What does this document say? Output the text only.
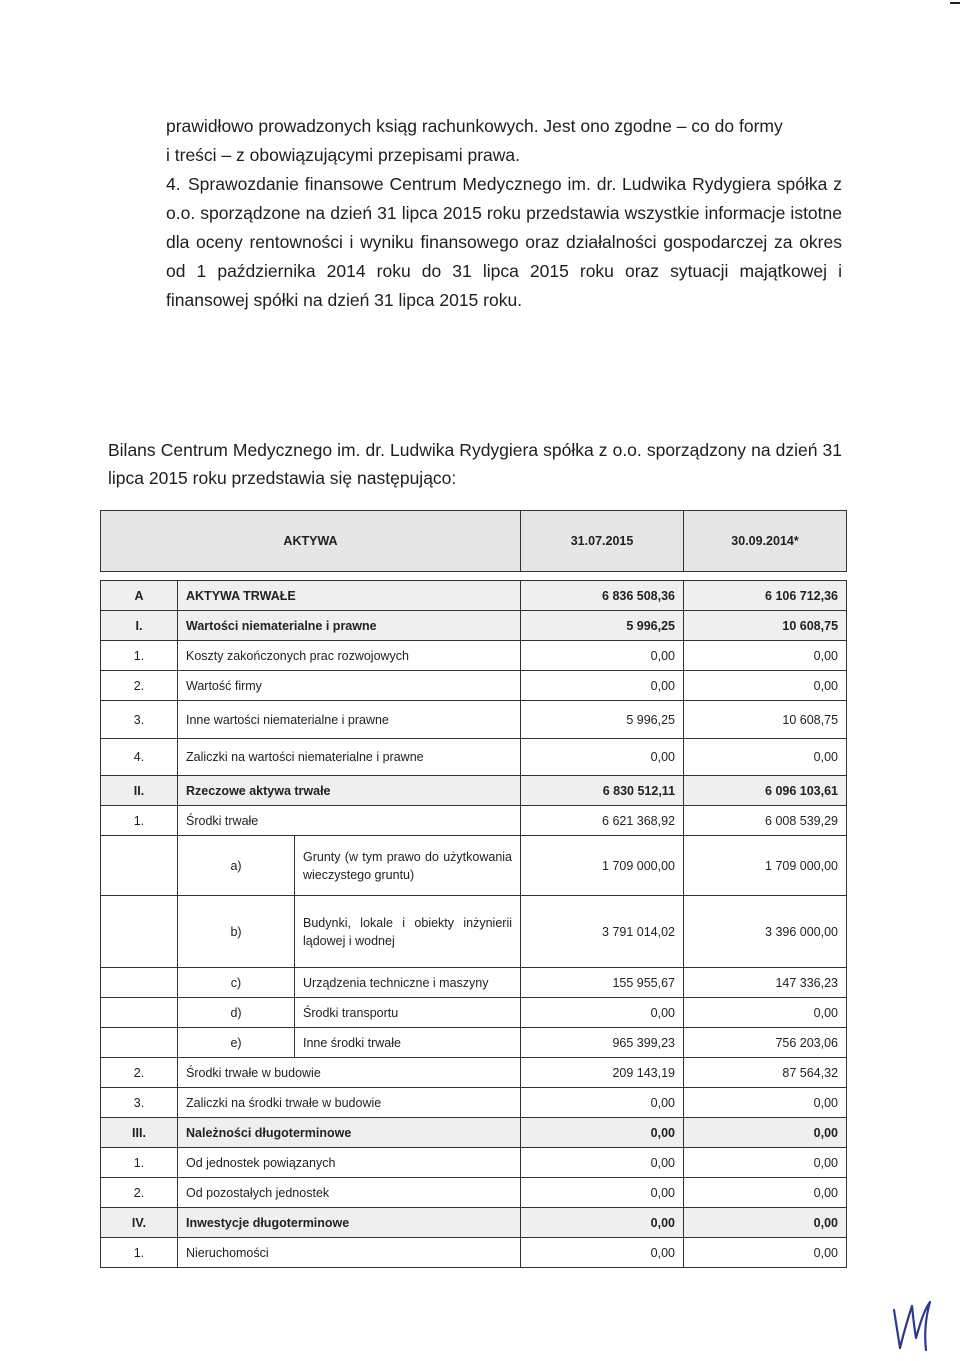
prawidłowo prowadzonych ksiąg rachunkowych. Jest ono zgodne – co do formy

i treści – z obowiązującymi przepisami prawa.

4. Sprawozdanie finansowe Centrum Medycznego im. dr. Ludwika Rydygiera spółka z o.o. sporządzone na dzień 31 lipca 2015 roku przedstawia wszystkie informacje istotne dla oceny rentowności i wyniku finansowego oraz działalności gospodarczej za okres od 1 października 2014 roku do 31 lipca 2015 roku oraz sytuacji majątkowej i finansowej spółki na dzień 31 lipca 2015 roku.

Bilans Centrum Medycznego im. dr. Ludwika Rydygiera spółka z o.o. sporządzony na dzień 31 lipca 2015 roku przedstawia się następująco:

AKTYWA			31.07.2015	30.09.2014*

A	AKTYWA TRWAŁE		6 836 508,36	6 106 712,36
I.	Wartości niematerialne i prawne		5 996,25	10 608,75
1.	Koszty zakończonych prac rozwojowych		0,00	0,00
2.	Wartość firmy		0,00	0,00
3.	Inne wartości niematerialne i prawne		5 996,25	10 608,75
4.	Zaliczki na wartości niematerialne i prawne		0,00	0,00
II.	Rzeczowe aktywa trwałe		6 830 512,11	6 096 103,61
1.	Środki trwałe		6 621 368,92	6 008 539,29
	a)	Grunty (w tym prawo do użytkowania wieczystego gruntu)	1 709 000,00	1 709 000,00
	b)	Budynki, lokale i obiekty inżynierii lądowej i wodnej	3 791 014,02	3 396 000,00
	c)	Urządzenia techniczne i maszyny	155 955,67	147 336,23
	d)	Środki transportu	0,00	0,00
	e)	Inne środki trwałe	965 399,23	756 203,06
2.	Środki trwałe w budowie		209 143,19	87 564,32
3.	Zaliczki na środki trwałe w budowie		0,00	0,00
III.	Należności długoterminowe		0,00	0,00
1.	Od jednostek powiązanych		0,00	0,00
2.	Od pozostałych jednostek		0,00	0,00
IV.	Inwestycje długoterminowe		0,00	0,00
1.	Nieruchomości		0,00	0,00
